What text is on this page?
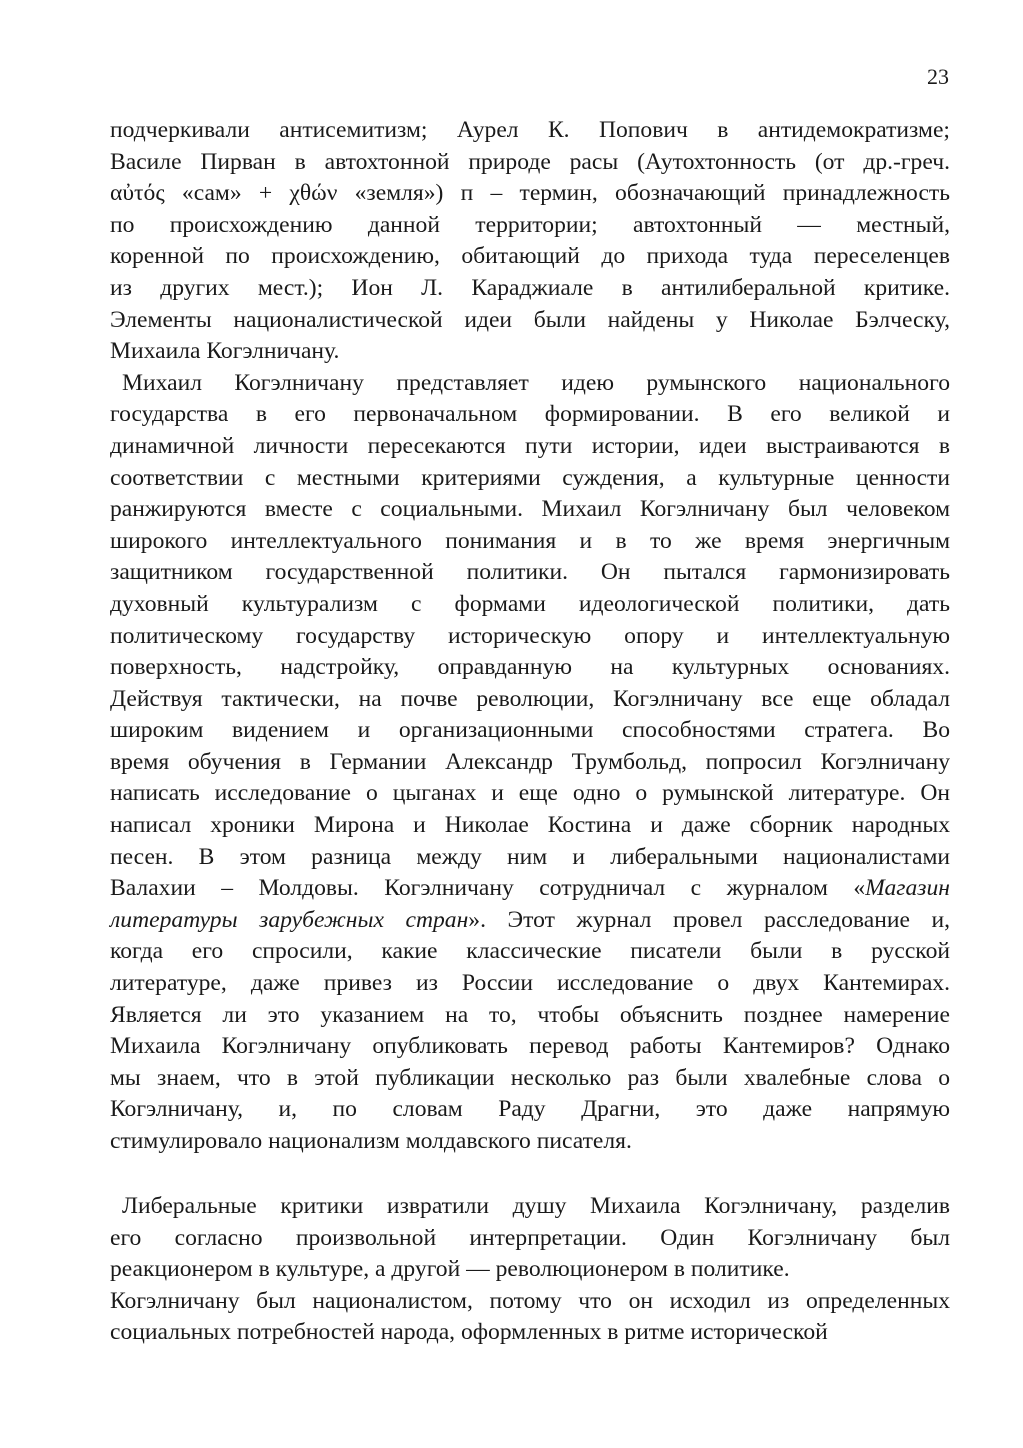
23
подчеркивали антисемитизм; Аурел К. Попович в антидемократизме;
Василе Пирван в автохтонной природе расы (Аутохтонность (от др.-греч.
αὐτός «сам» + χθών «земля») п – термин, обозначающий принадлежность
по происхождению данной территории; автохтонный — местный,
коренной по происхождению, обитающий до прихода туда переселенцев
из других мест.); Ион Л. Караджиале в антилиберальной критике.
Элементы националистической идеи были найдены у Николае Бэлческу,
Михаила Когэлничану.
Михаил Когэлничану представляет идею румынского национального
государства в его первоначальном формировании. В его великой и
динамичной личности пересекаются пути истории, идеи выстраиваются в
соответствии с местными критериями суждения, а культурные ценности
ранжируются вместе с социальными. Михаил Когэлничану был человеком
широкого интеллектуального понимания и в то же время энергичным
защитником государственной политики. Он пытался гармонизировать
духовный культурализм с формами идеологической политики, дать
политическому государству историческую опору и интеллектуальную
поверхность, надстройку, оправданную на культурных основаниях.
Действуя тактически, на почве революции, Когэлничану все еще обладал
широким видением и организационными способностями стратега. Во
время обучения в Германии Александр Трумбольд, попросил Когэлничану
написать исследование о цыганах и еще одно о румынской литературе. Он
написал хроники Мирона и Николае Костина и даже сборник народных
песен. В этом разница между ним и либеральными националистами
Валахии – Молдовы. Когэлничану сотрудничал с журналом «Магазин
литературы зарубежных стран». Этот журнал провел расследование и,
когда его спросили, какие классические писатели были в русской
литературе, даже привез из России исследование о двух Кантемирах.
Является ли это указанием на то, чтобы объяснить позднее намерение
Михаила Когэлничану опубликовать перевод работы Кантемиров? Однако
мы знаем, что в этой публикации несколько раз были хвалебные слова о
Когэлничану, и, по словам Раду Драгни, это даже напрямую
стимулировало национализм молдавского писателя.
Либеральные критики извратили душу Михаила Когэлничану, разделив
его согласно произвольной интерпретации. Один Когэлничану был
реакционером в культуре, а другой — революционером в политике.
Когэлничану был националистом, потому что он исходил из определенных
социальных потребностей народа, оформленных в ритме исторической
